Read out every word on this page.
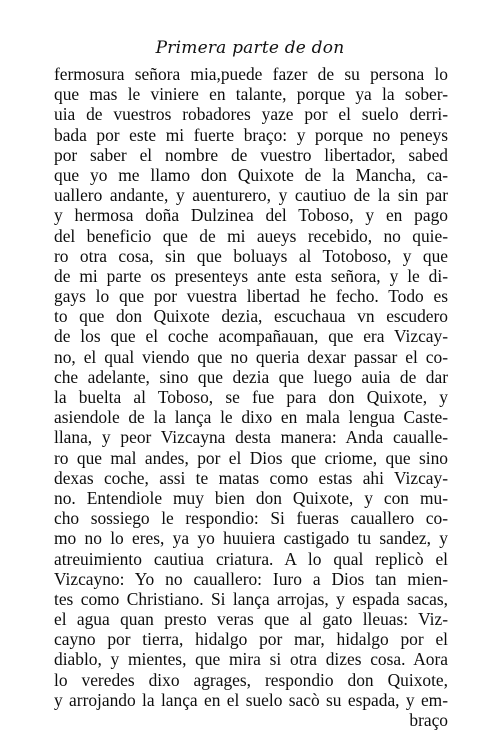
Primera parte de don
fermosura señora mia,puede fazer de su persona lo
que mas le viniere en talante, porque ya la sober-
uia de vuestros robadores yaze por el suelo derri-
bada por este mi fuerte braço: y porque no peneys
por saber el nombre de vuestro libertador, sabed
que yo me llamo don Quixote de la Mancha, ca-
uallero andante, y auenturero, y cautiuo de la sin par
y hermosa doña Dulzinea del Toboso, y en pago
del beneficio que de mi aueys recebido, no quie-
ro otra cosa, sin que boluays al Totoboso, y que
de mi parte os presenteys ante esta señora, y le di-
gays lo que por vuestra libertad he fecho. Todo es
to que don Quixote dezia, escuchaua vn escudero
de los que el coche acompañauan, que era Vizcay-
no, el qual viendo que no queria dexar passar el co-
che adelante, sino que dezia que luego auia de dar
la buelta al Toboso, se fue para don Quixote, y
asiendole de la lança le dixo en mala lengua Caste-
llana, y peor Vizcayna desta manera: Anda caualle-
ro que mal andes, por el Dios que criome, que sino
dexas coche, assi te matas como estas ahi Vizcay-
no. Entendiole muy bien don Quixote, y con mu-
cho sossiego le respondio: Si fueras cauallero co-
mo no lo eres, ya yo huuiera castigado tu sandez, y
atreuimiento cautiua criatura. A lo qual replicò el
Vizcayno: Yo no cauallero: Iuro a Dios tan mien-
tes como Christiano. Si lança arrojas, y espada sacas,
el agua quan presto veras que al gato lleuas: Viz-
cayno por tierra, hidalgo por mar, hidalgo por el
diablo, y mientes, que mira si otra dizes cosa. Aora
lo veredes dixo agrages, respondio don Quixote,
y arrojando la lança en el suelo sacò su espada, y em-
braço
